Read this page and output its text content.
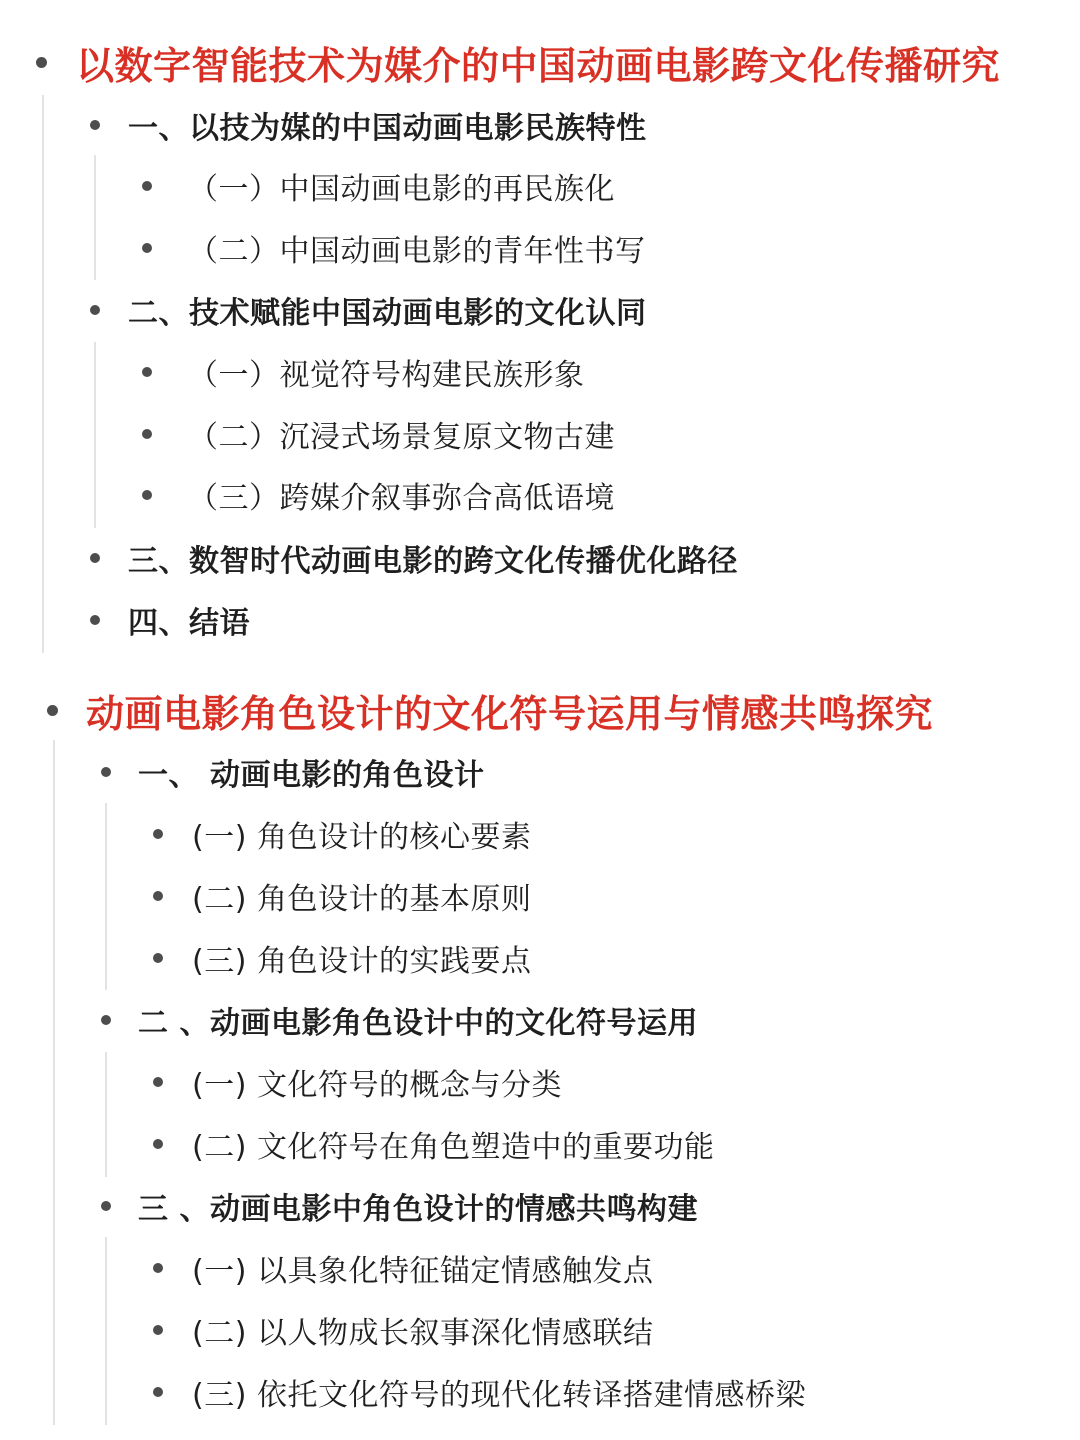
以数字智能技术为媒介的中国动画电影跨文化传播研究
一、以技为媒的中国动画电影民族特性
（一）中国动画电影的再民族化
（二）中国动画电影的青年性书写
二、技术赋能中国动画电影的文化认同
（一）视觉符号构建民族形象
（二）沉浸式场景复原文物古建
（三）跨媒介叙事弥合高低语境
三、数智时代动画电影的跨文化传播优化路径
四、结语
动画电影角色设计的文化符号运用与情感共鸣探究
一、 动画电影的角色设计
(一) 角色设计的核心要素
(二) 角色设计的基本原则
(三) 角色设计的实践要点
二 、动画电影角色设计中的文化符号运用
(一) 文化符号的概念与分类
(二) 文化符号在角色塑造中的重要功能
三 、动画电影中角色设计的情感共鸣构建
(一) 以具象化特征锚定情感触发点
(二) 以人物成长叙事深化情感联结
(三) 依托文化符号的现代化转译搭建情感桥梁
